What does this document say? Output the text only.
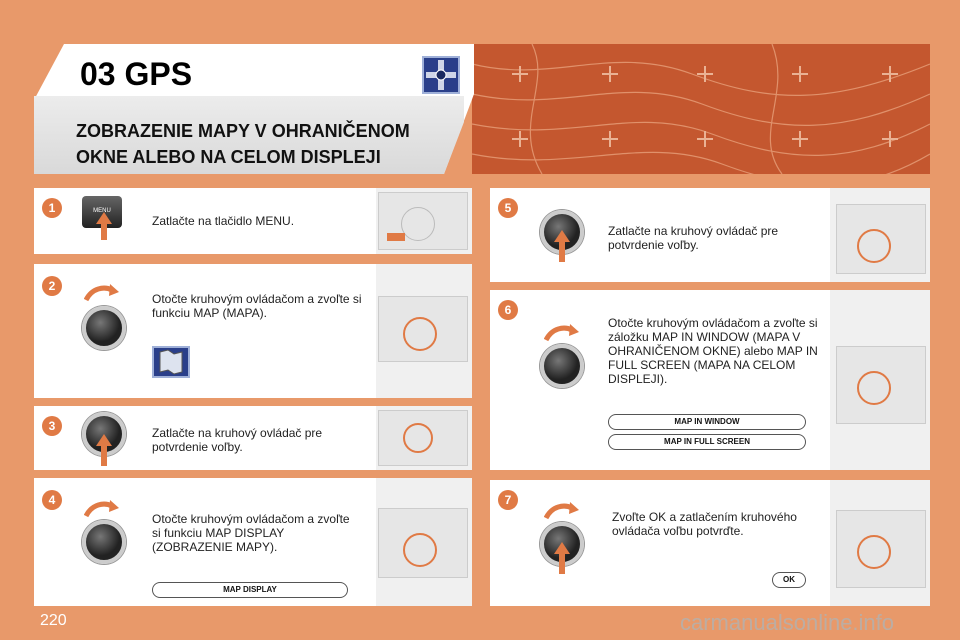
03 GPS
ZOBRAZENIE MAPY V OHRANIČENOM
OKNE ALEBO NA CELOM DISPLEJI
1	MENU
Zatlačte na tlačidlo MENU.
2
Otočte kruhovým ovládačom a zvoľte si funkciu MAP (MAPA).
3	Zatlačte na kruhový ovládač pre potvrdenie voľby.
4
Otočte kruhovým ovládačom a zvoľte si funkciu MAP DISPLAY (ZOBRAZENIE MAPY).
MAP DISPLAY
5
Zatlačte na kruhový ovládač pre potvrdenie voľby.
6
Otočte kruhovým ovládačom a zvoľte si záložku MAP IN WINDOW (MAPA V OHRANIČENOM OKNE) alebo MAP IN FULL SCREEN (MAPA NA CELOM DISPLEJI).
MAP IN WINDOW
MAP IN FULL SCREEN
7
Zvoľte OK a zatlačením kruhového ovládača voľbu potvrďte.
OK
220	carmanualsonline.info
